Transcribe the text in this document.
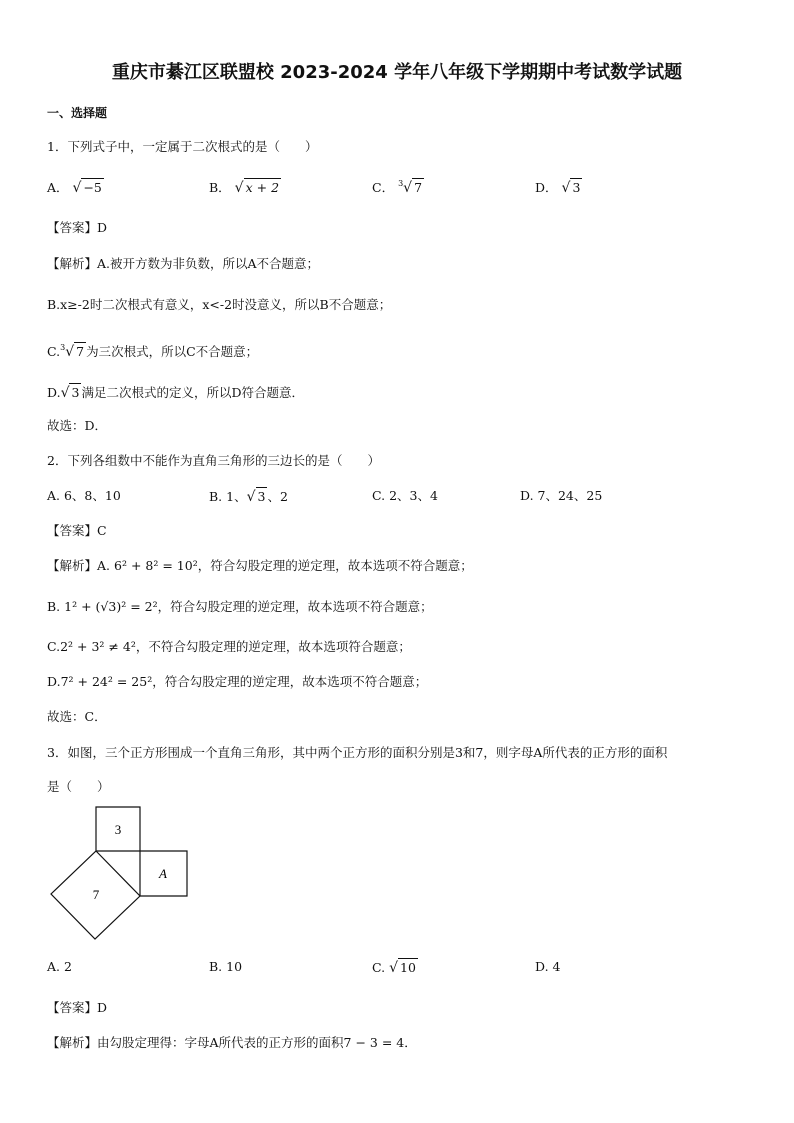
重庆市綦江区联盟校 2023-2024 学年八年级下学期期中考试数学试题
一、选择题
1．下列式子中，一定属于二次根式的是（　　）
A． √ −5	B． √ x + 2	C． $^3$√ 7	D． √ 3
【答案】D
【解析】A.被开方数为非负数，所以A不合题意；
B.x≥-2时二次根式有意义，x<-2时没意义，所以B不合题意；
C.$^3$√ 7 为三次根式，所以C不合题意；
D.√ 3 满足二次根式的定义，所以D符合题意．
故选：D．
2．下列各组数中不能作为直角三角形的三边长的是（　　）
A. 6、8、10	B. 1、√ 3 、2	C. 2、3、4	D. 7、24、25
【答案】C
【解析】A. 6² + 8² = 10²，符合勾股定理的逆定理，故本选项不符合题意；
B. 1² + (√3)² = 2²，符合勾股定理的逆定理，故本选项不符合题意；
C.2² + 3² ≠ 4²，不符合勾股定理的逆定理，故本选项符合题意；
D.7² + 24² = 25²，符合勾股定理的逆定理，故本选项不符合题意；
故选：C．
3．如图，三个正方形围成一个直角三角形，其中两个正方形的面积分别是3和7，则字母A所代表的正方形的面积
是（　　）
3
7
A
A. 2	B. 10	C. √ 10	D. 4
【答案】D
【解析】由勾股定理得：字母A所代表的正方形的面积7 − 3 = 4．
